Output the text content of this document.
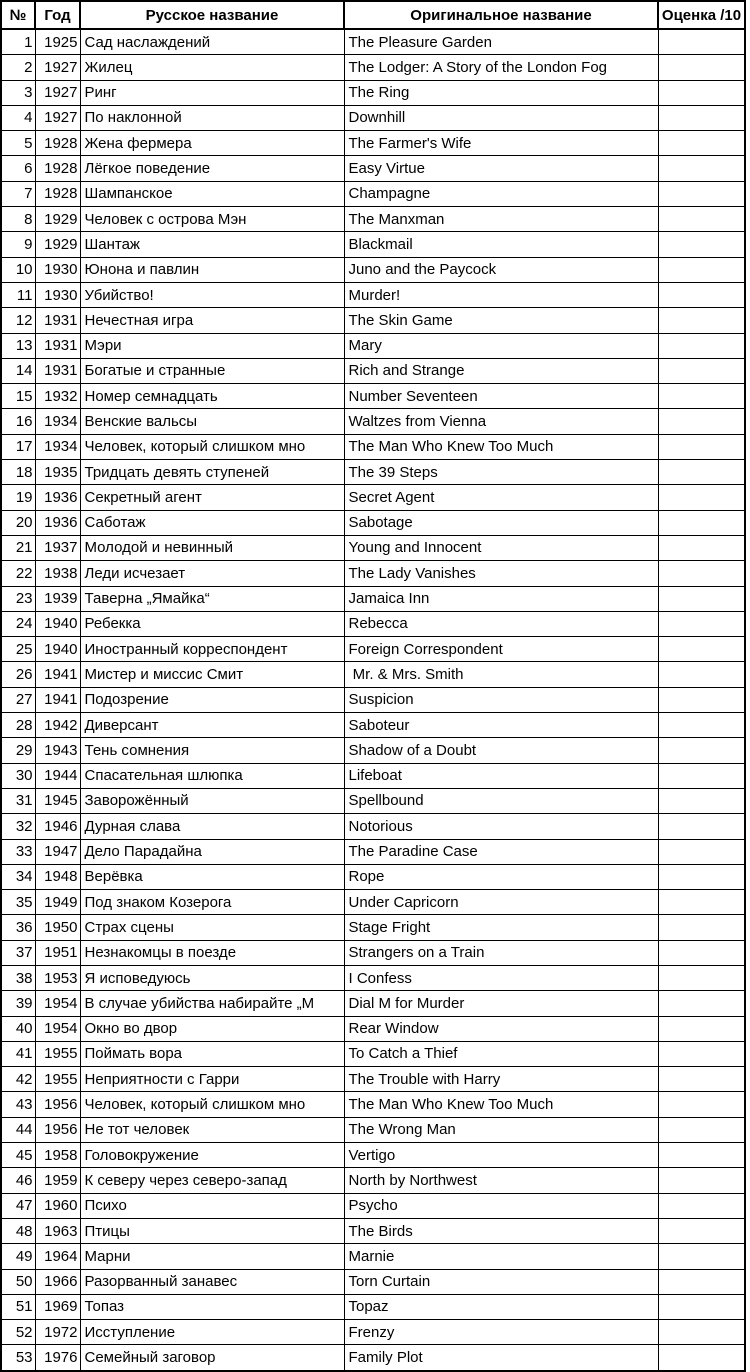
№	Год	Русское название	Оригинальное название	Оценка /10
1	1925	Сад наслаждений	The Pleasure Garden	
2	1927	Жилец	The Lodger: A Story of the London Fog	
3	1927	Ринг	The Ring	
4	1927	По наклонной	Downhill	
5	1928	Жена фермера	The Farmer's Wife	
6	1928	Лёгкое поведение	Easy Virtue	
7	1928	Шампанское	Champagne	
8	1929	Человек с острова Мэн	The Manxman	
9	1929	Шантаж	Blackmail	
10	1930	Юнона и павлин	Juno and the Paycock	
11	1930	Убийство!	Murder!	
12	1931	Нечестная игра	The Skin Game	
13	1931	Мэри	Mary	
14	1931	Богатые и странные	Rich and Strange	
15	1932	Номер семнадцать	Number Seventeen	
16	1934	Венские вальсы	Waltzes from Vienna	
17	1934	Человек, который слишком мно	The Man Who Knew Too Much	
18	1935	Тридцать девять ступеней	The 39 Steps	
19	1936	Секретный агент	Secret Agent	
20	1936	Саботаж	Sabotage	
21	1937	Молодой и невинный	Young and Innocent	
22	1938	Леди исчезает	The Lady Vanishes	
23	1939	Таверна „Ямайка“	Jamaica Inn	
24	1940	Ребекка	Rebecca	
25	1940	Иностранный корреспондент	Foreign Correspondent	
26	1941	Мистер и миссис Смит	Mr. & Mrs. Smith	
27	1941	Подозрение	Suspicion	
28	1942	Диверсант	Saboteur	
29	1943	Тень сомнения	Shadow of a Doubt	
30	1944	Спасательная шлюпка	Lifeboat	
31	1945	Заворожённый	Spellbound	
32	1946	Дурная слава	Notorious	
33	1947	Дело Парадайна	The Paradine Case	
34	1948	Верёвка	Rope	
35	1949	Под знаком Козерога	Under Capricorn	
36	1950	Страх сцены	Stage Fright	
37	1951	Незнакомцы в поезде	Strangers on a Train	
38	1953	Я исповедуюсь	I Confess	
39	1954	В случае убийства набирайте „М	Dial M for Murder	
40	1954	Окно во двор	Rear Window	
41	1955	Поймать вора	To Catch a Thief	
42	1955	Неприятности с Гарри	The Trouble with Harry	
43	1956	Человек, который слишком мно	The Man Who Knew Too Much	
44	1956	Не тот человек	The Wrong Man	
45	1958	Головокружение	Vertigo	
46	1959	К северу через северо-запад	North by Northwest	
47	1960	Психо	Psycho	
48	1963	Птицы	The Birds	
49	1964	Марни	Marnie	
50	1966	Разорванный занавес	Torn Curtain	
51	1969	Топаз	Topaz	
52	1972	Исступление	Frenzy	
53	1976	Семейный заговор	Family Plot	
